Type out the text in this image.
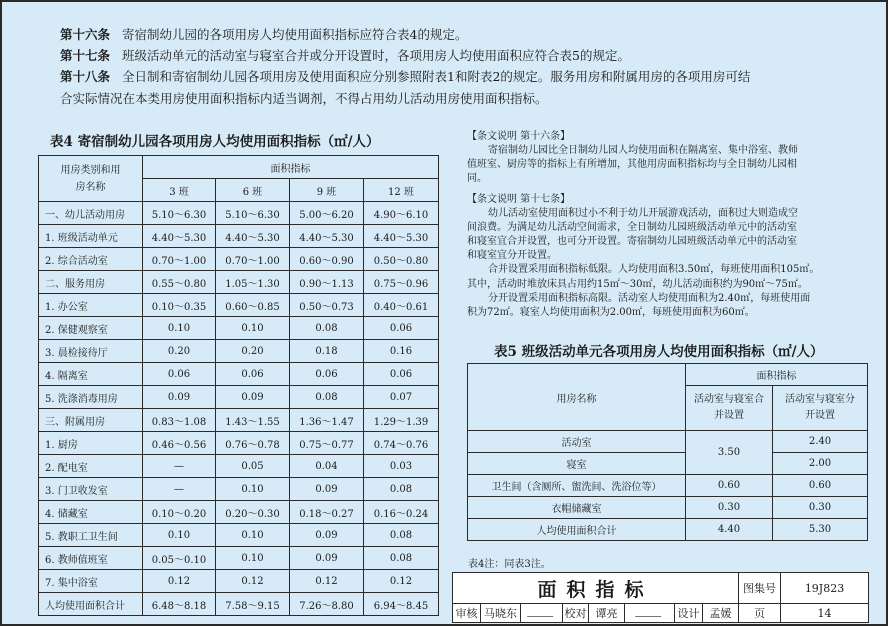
第十六条 寄宿制幼儿园的各项用房人均使用面积指标应符合表4的规定。
第十七条 班级活动单元的活动室与寝室合并或分开设置时，各项用房人均使用面积应符合表5的规定。
第十八条 全日制和寄宿制幼儿园各项用房及使用面积应分别参照附表1和附表2的规定。服务用房和附属用房的各项用房可结
合实际情况在本类用房使用面积指标内适当调剂，不得占用幼儿活动用房使用面积指标。
表4 寄宿制幼儿园各项用房人均使用面积指标（㎡/人）
用房类别和用房名称	面积指标			
	3 班	6 班	9 班	12 班
一、幼儿活动用房	5.10～6.30	5.10～6.30	5.00～6.20	4.90～6.10
1. 班级活动单元	4.40～5.30	4.40～5.30	4.40～5.30	4.40～5.30
2. 综合活动室	0.70～1.00	0.70～1.00	0.60～0.90	0.50～0.80
二、服务用房	0.55～0.80	1.05～1.30	0.90～1.13	0.75～0.96
1. 办公室	0.10～0.35	0.60～0.85	0.50～0.73	0.40～0.61
2. 保健观察室	0.10	0.10	0.08	0.06
3. 晨检接待厅	0.20	0.20	0.18	0.16
4. 隔离室	0.06	0.06	0.06	0.06
5. 洗涤消毒用房	0.09	0.09	0.08	0.07
三、附属用房	0.83～1.08	1.43～1.55	1.36～1.47	1.29～1.39
1. 厨房	0.46～0.56	0.76～0.78	0.75～0.77	0.74～0.76
2. 配电室	—	0.05	0.04	0.03
3. 门卫收发室	—	0.10	0.09	0.08
4. 储藏室	0.10～0.20	0.20～0.30	0.18～0.27	0.16～0.24
5. 教职工卫生间	0.10	0.10	0.09	0.08
6. 教师值班室	0.05～0.10	0.10	0.09	0.08
7. 集中浴室	0.12	0.12	0.12	0.12
人均使用面积合计	6.48～8.18	7.58～9.15	7.26～8.80	6.94～8.45
【条文说明 第十六条】
寄宿制幼儿园比全日制幼儿园人均使用面积在隔离室、集中浴室、教师
值班室、厨房等的指标上有所增加，其他用房面积指标均与全日制幼儿园相
同。
【条文说明 第十七条】
幼儿活动室使用面积过小不利于幼儿开展游戏活动，面积过大则造成空
间浪费。为满足幼儿活动空间需求，全日制幼儿园班级活动单元中的活动室
和寝室宜合并设置，也可分开设置。寄宿制幼儿园班级活动单元中的活动室
和寝室宜分开设置。
合并设置采用面积指标低限。人均使用面积3.50㎡，每班使用面积105㎡。
其中，活动时堆放床具占用约15㎡～30㎡，幼儿活动面积约为90㎡～75㎡。
分开设置采用面积指标高限。活动室人均使用面积为2.40㎡，每班使用面
积为72㎡。寝室人均使用面积为2.00㎡，每班使用面积为60㎡。
表5 班级活动单元各项用房人均使用面积指标（㎡/人）
用房名称	面积指标	
	活动室与寝室合并设置	活动室与寝室分开设置
活动室	3.50	2.40
寝室		2.00
卫生间（含厕所、盥洗间、洗浴位等）	0.60	0.60
衣帽储藏室	0.30	0.30
人均使用面积合计	4.40	5.30
表4注：同表3注。
面积指标								图集号	19J823
审核	马晓东		校对	谭亮		设计	孟媛	页	14
